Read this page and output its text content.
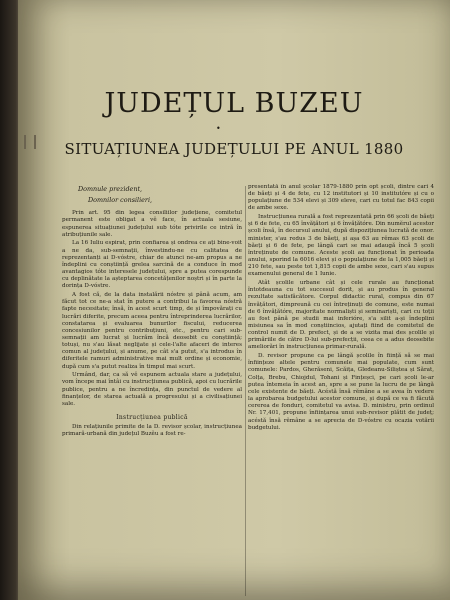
JUDEȚUL BUZEU
•
SITUAȚIUNEA JUDEȚULUI PE ANUL 1880

Domnule prezident,

Domnilor consilieri,

Prin art. 95 din legea consiliilor județiene, comitetul permanent este obligat a vĕ face, în actuala sesiune, espunerea situațiunei județului sub tóte privirile ce intră în atribuțiunile sale.

La 16 Iuliu espirat, prin confiarea și ondrea ce ați bine-voit a ne da, sub-semnații, învestindu-ne cu calitatea de reprezentanți ai D-vóstre, chiar de atunci ne-am propus a ne îndeplini cu conștiință grelea sarcină de a conduce în mod avantagios tóte interesele județului, spre a putea corespunde cu deplinătate la așteptarea concetățenilor noștri și în parte la dorința D-vóstre.

A fost că, de la data instalării nóstre și până acum, am făcut tot ce ne-a stat în putere a contribui la favorea nóstră fapte necesitate; însă, în acest scurt timp, de și împovărați cu lucrări diferite, precum aceea pentru întreprinderea lucrărilor, constatarea și evaluarea bunurilor fiscului, reducerea concesiunilor pentru contribuțiuni, etc., pentru cari sub-semnații am lucrat și lucrăm încă deosebit cu conștiință; totuși, nu s'au lăsat neglijate și cele-l'alte afaceri de interes comun al județului, și anume, pe cât s'a putut, s'a introdus în diferitele ramuri administrative mai mult ordine și economie, după cum s'a putut realiza în timpul mai scurt.

Urmând, dar, ca să vĕ espunem actuala stare a județului, vom începe mai întâi cu instrucțiunea publică, apoi cu lucrările publice, pentru a ne încredința, din punctul de vedere al finanțelor, de starea actuală a progresului și a civilisațiunei sale.

Instrucțiunea publică

Din relațiunile primite de la D. revisor școlar, instrucțiunea primară-urbană din județul Buzĕu a fost re-

presentată în anul școlar 1879-1880 prin opt școli, dintre cari 4 de băeți și 4 de fete, cu 12 institutori și 10 institutóre și cu o populațiune de 534 elevi și 309 eleve, cari cu totul fac 843 copii de ambe sexe.

Instrucțiunea rurală a fost reprezentată prin 66 școli de băeți și 6 de fete, cu 65 învățători și 6 învățătóre. Din numĕrul acestor școli însă, în decursul anului, după dispozițiunea lucrată de onor. minister, s'au redus 3 de băeți, și așa 63 au rĕmas 63 școli de băeți și 6 de fete, pe lângă cari se mai adaugă încă 5 școli întreținute de comune. Aceste școli au funcționat în perioada anului, sporind la 6016 elevi și o populațiune de la 1,005 băeți și 210 fete, sau peste tot 1,815 copii de ambe sexe, cari s'au supus examenului general de 1 Iunie.

Atât școlile urbane cât și cele rurale au funcționat întotdeauna cu tot succesul dorit, și au produs în general rezultate satisfăcătore. Corpul didactic rural, compus din 67 învățători, dimpreună cu cei întreținuți de comune, este numai de 6 învățătóre, majoritate normaliști și seminariști, cari cu toții au fost până pe studii mai inferióre, s'a silit a-și îndeplini misiunea sa în mod conștiincios, ajutați fiind de comitetul de control numit de D. prefect, și de a se vizita mai des școlile și primăriile de către D-lui sub-prefecții, ceea ce a adus deosebite ameliorări în instrucțiunea primar-rurală.

D. revisor propune ca pe lângă școlile în ființă să se mai înființeze altele pentru comunele mai populate, cum sunt comunele: Pardos, Gherăseni, Scăița, Gledeanu-Siliștea și Sărat, Colța, Brebu, Chiojdul, Tohani și Fințeșci, pe cari școli le-ar putea întemeia în acest an, spre a se pune la lucru de pe lângă cele existente de băeți. Acéstă însă rĕmâne a se avea în vedere la aprobarea budgetului acestor comune, și după ce va fi făcută cererea de fonduri, comitetul va avisa. D. ministru, prin ordinul Nr. 17,401, propune înființarea unui sub-revisor plătit de județ; acéstă însă rĕmâne a se aprecia de D-vóstre cu ocazia votării budgetului.
